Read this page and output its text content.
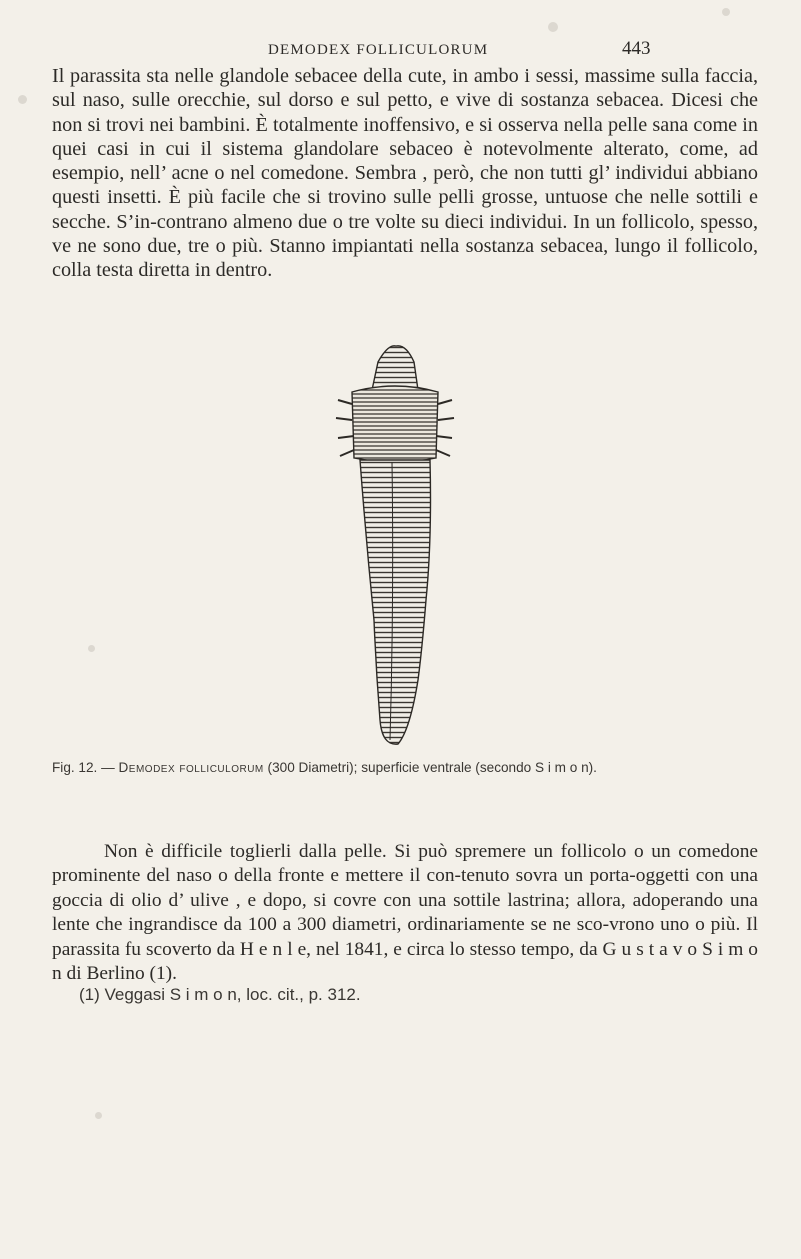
DEMODEX FOLLICULORUM	443

Il parassita sta nelle glandole sebacee della cute, in ambo i sessi, massime sulla faccia, sul naso, sulle orecchie, sul dorso e sul petto, e vive di sostanza sebacea. Dicesi che non si trovi nei bambini. È totalmente inoffensivo, e si osserva nella pelle sana come in quei casi in cui il sistema glandolare sebaceo è notevolmente alterato, come, ad esempio, nell’ acne o nel comedone. Sembra , però, che non tutti gl’ individui abbiano questi insetti. È più facile che si trovino sulle pelli grosse, untuose che nelle sottili e secche. S’in-contrano almeno due o tre volte su dieci individui. In un follicolo, spesso, ve ne sono due, tre o più. Stanno impiantati nella sostanza sebacea, lungo il follicolo, colla testa diretta in dentro.

Fig. 12. — Demodex folliculorum (300 Diametri); superficie ventrale (secondo S i m o n).

Non è difficile toglierli dalla pelle. Si può spremere un follicolo o un comedone prominente del naso o della fronte e mettere il con-tenuto sovra un porta-oggetti con una goccia di olio d’ ulive , e dopo, si covre con una sottile lastrina; allora, adoperando una lente che ingrandisce da 100 a 300 diametri, ordinariamente se ne sco-vrono uno o più. Il parassita fu scoverto da H e n l e, nel 1841, e circa lo stesso tempo, da G u s t a v o S i m o n di Berlino (1).

(1) Veggasi S i m o n, loc. cit., p. 312.
